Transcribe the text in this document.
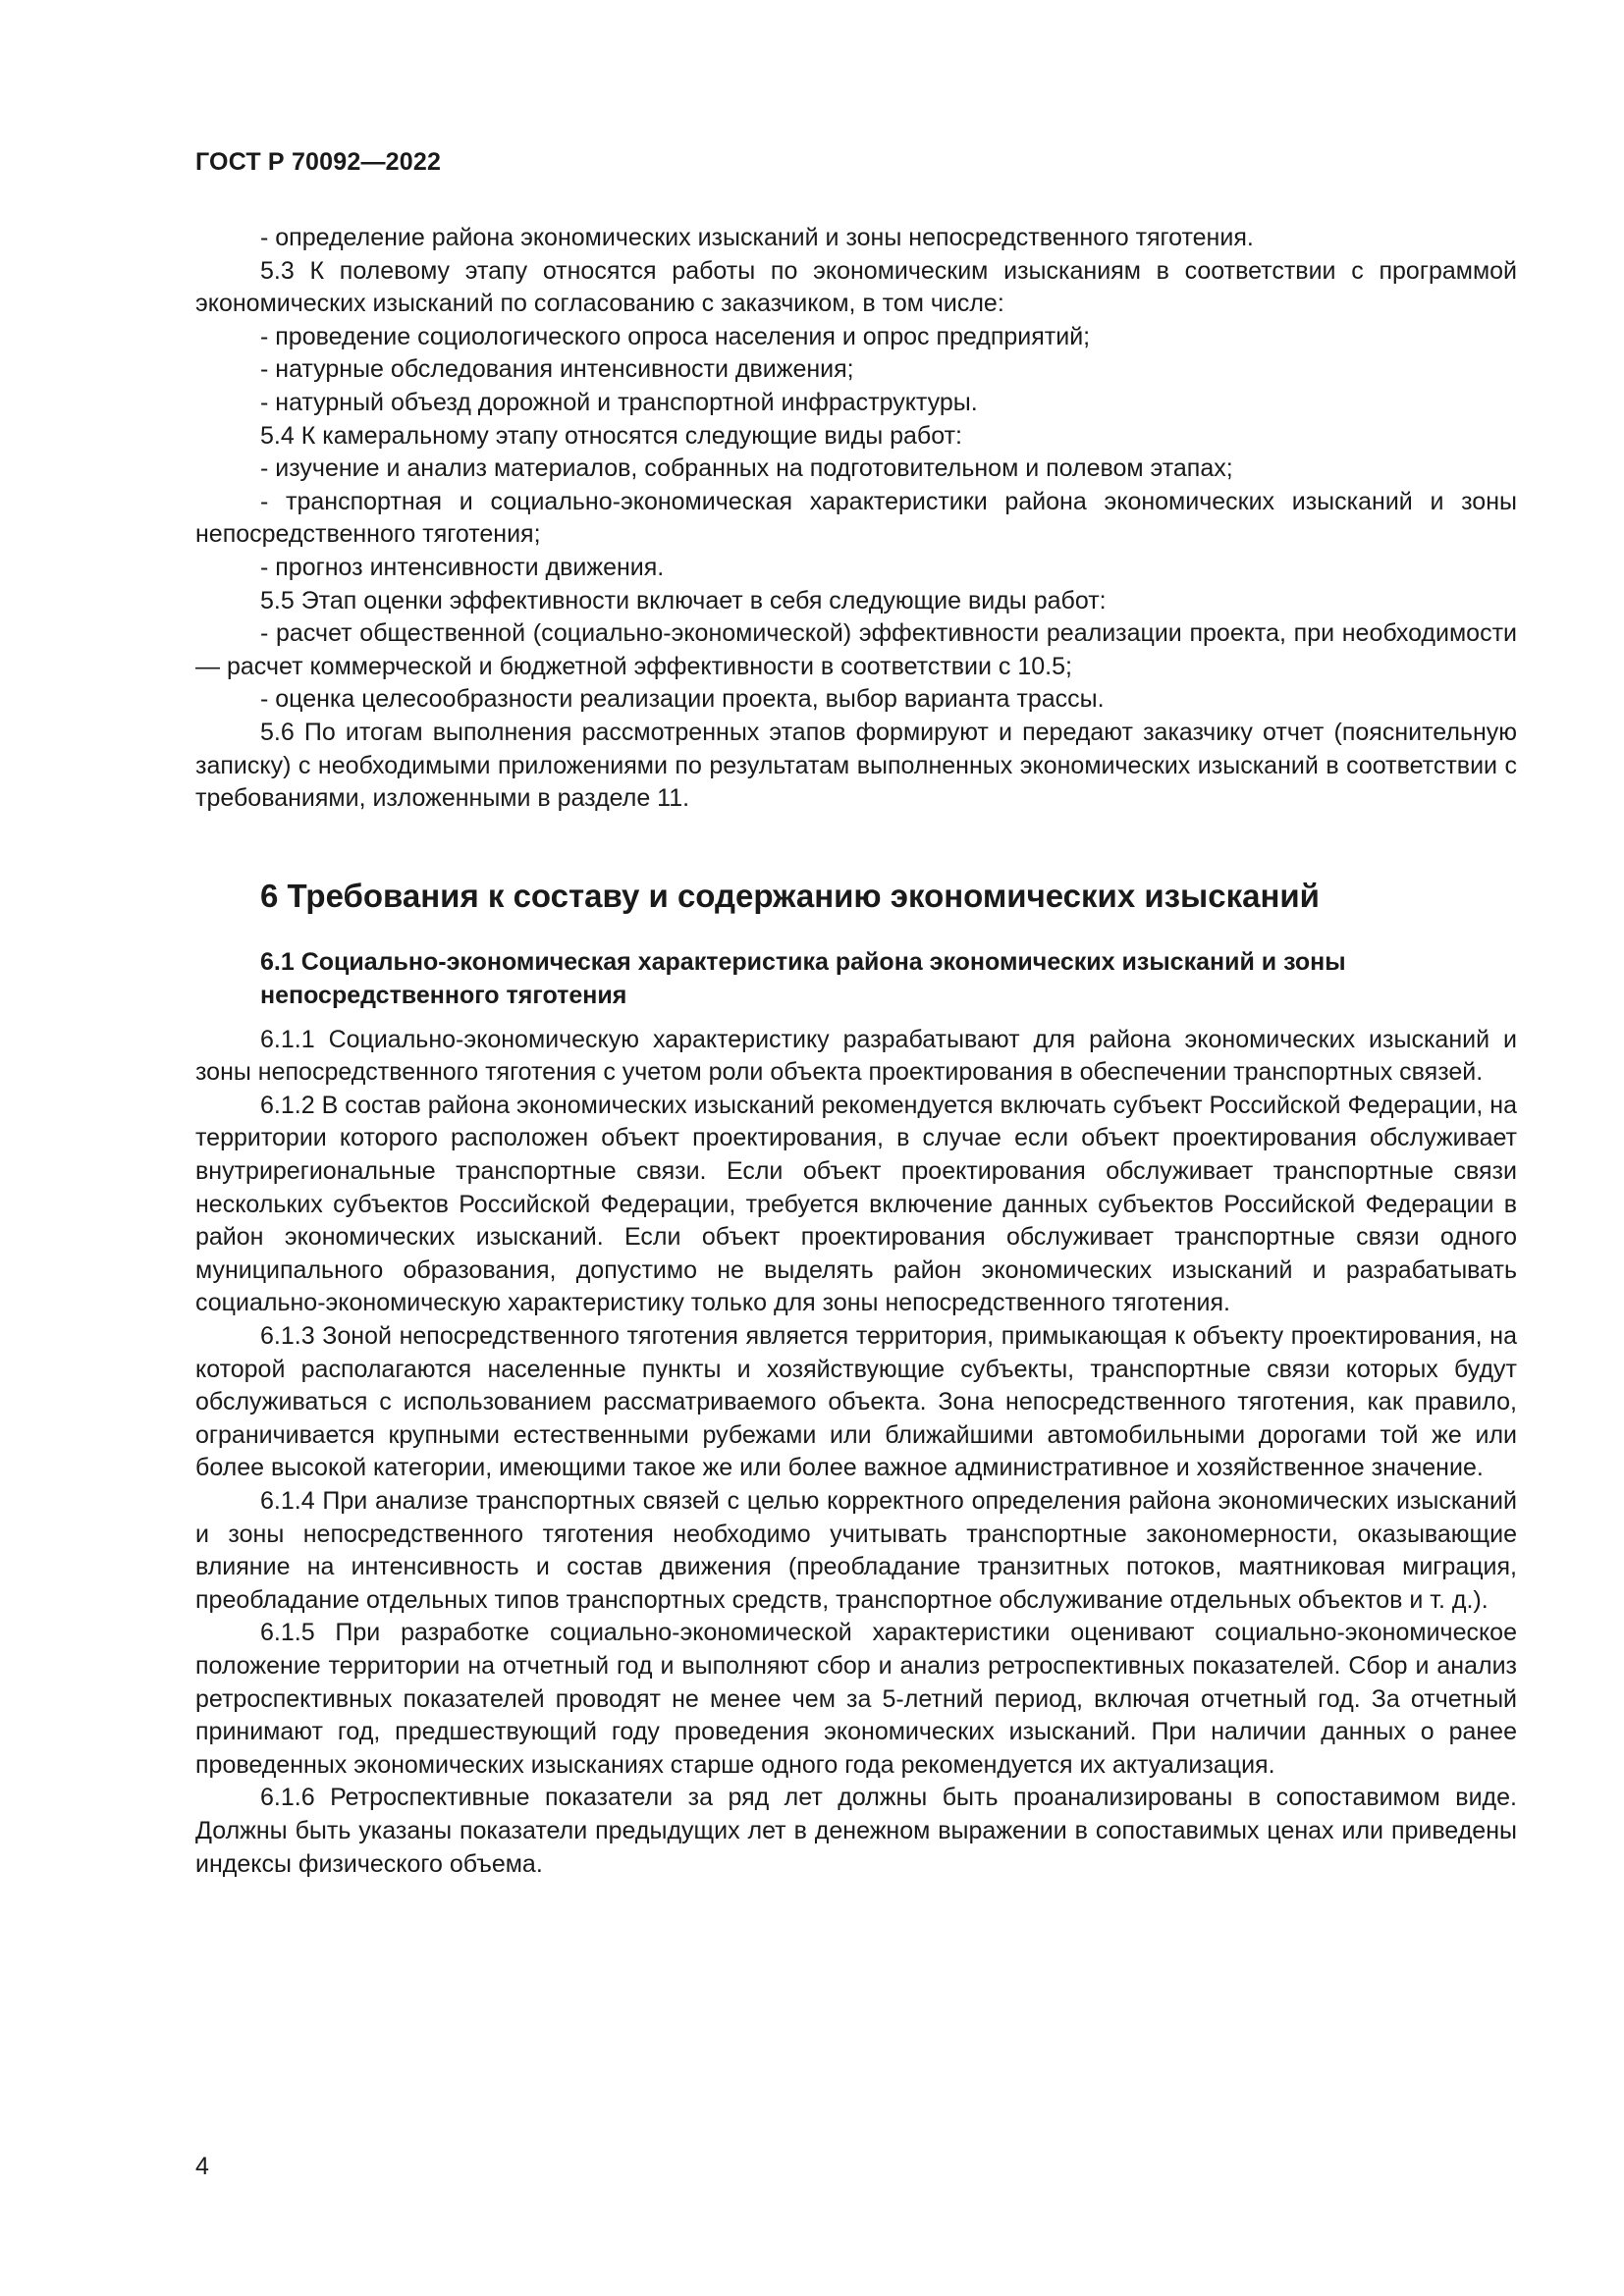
ГОСТ Р 70092—2022

- определение района экономических изысканий и зоны непосредственного тяготения.

5.3 К полевому этапу относятся работы по экономическим изысканиям в соответствии с программой экономических изысканий по согласованию с заказчиком, в том числе:

- проведение социологического опроса населения и опрос предприятий;

- натурные обследования интенсивности движения;

- натурный объезд дорожной и транспортной инфраструктуры.

5.4 К камеральному этапу относятся следующие виды работ:

- изучение и анализ материалов, собранных на подготовительном и полевом этапах;

- транспортная и социально-экономическая характеристики района экономических изысканий и зоны непосредственного тяготения;

- прогноз интенсивности движения.

5.5 Этап оценки эффективности включает в себя следующие виды работ:

- расчет общественной (социально-экономической) эффективности реализации проекта, при необходимости — расчет коммерческой и бюджетной эффективности в соответствии с 10.5;

- оценка целесообразности реализации проекта, выбор варианта трассы.

5.6 По итогам выполнения рассмотренных этапов формируют и передают заказчику отчет (пояснительную записку) с необходимыми приложениями по результатам выполненных экономических изысканий в соответствии с требованиями, изложенными в разделе 11.

6 Требования к составу и содержанию экономических изысканий
6.1 Социально-экономическая характеристика района экономических изысканий и зоны непосредственного тяготения

6.1.1 Социально-экономическую характеристику разрабатывают для района экономических изысканий и зоны непосредственного тяготения с учетом роли объекта проектирования в обеспечении транспортных связей.

6.1.2 В состав района экономических изысканий рекомендуется включать субъект Российской Федерации, на территории которого расположен объект проектирования, в случае если объект проектирования обслуживает внутрирегиональные транспортные связи. Если объект проектирования обслуживает транспортные связи нескольких субъектов Российской Федерации, требуется включение данных субъектов Российской Федерации в район экономических изысканий. Если объект проектирования обслуживает транспортные связи одного муниципального образования, допустимо не выделять район экономических изысканий и разрабатывать социально-экономическую характеристику только для зоны непосредственного тяготения.

6.1.3 Зоной непосредственного тяготения является территория, примыкающая к объекту проектирования, на которой располагаются населенные пункты и хозяйствующие субъекты, транспортные связи которых будут обслуживаться с использованием рассматриваемого объекта. Зона непосредственного тяготения, как правило, ограничивается крупными естественными рубежами или ближайшими автомобильными дорогами той же или более высокой категории, имеющими такое же или более важное административное и хозяйственное значение.

6.1.4 При анализе транспортных связей с целью корректного определения района экономических изысканий и зоны непосредственного тяготения необходимо учитывать транспортные закономерности, оказывающие влияние на интенсивность и состав движения (преобладание транзитных потоков, маятниковая миграция, преобладание отдельных типов транспортных средств, транспортное обслуживание отдельных объектов и т. д.).

6.1.5 При разработке социально-экономической характеристики оценивают социально-экономическое положение территории на отчетный год и выполняют сбор и анализ ретроспективных показателей. Сбор и анализ ретроспективных показателей проводят не менее чем за 5-летний период, включая отчетный год. За отчетный принимают год, предшествующий году проведения экономических изысканий. При наличии данных о ранее проведенных экономических изысканиях старше одного года рекомендуется их актуализация.

6.1.6 Ретроспективные показатели за ряд лет должны быть проанализированы в сопоставимом виде. Должны быть указаны показатели предыдущих лет в денежном выражении в сопоставимых ценах или приведены индексы физического объема.

4
